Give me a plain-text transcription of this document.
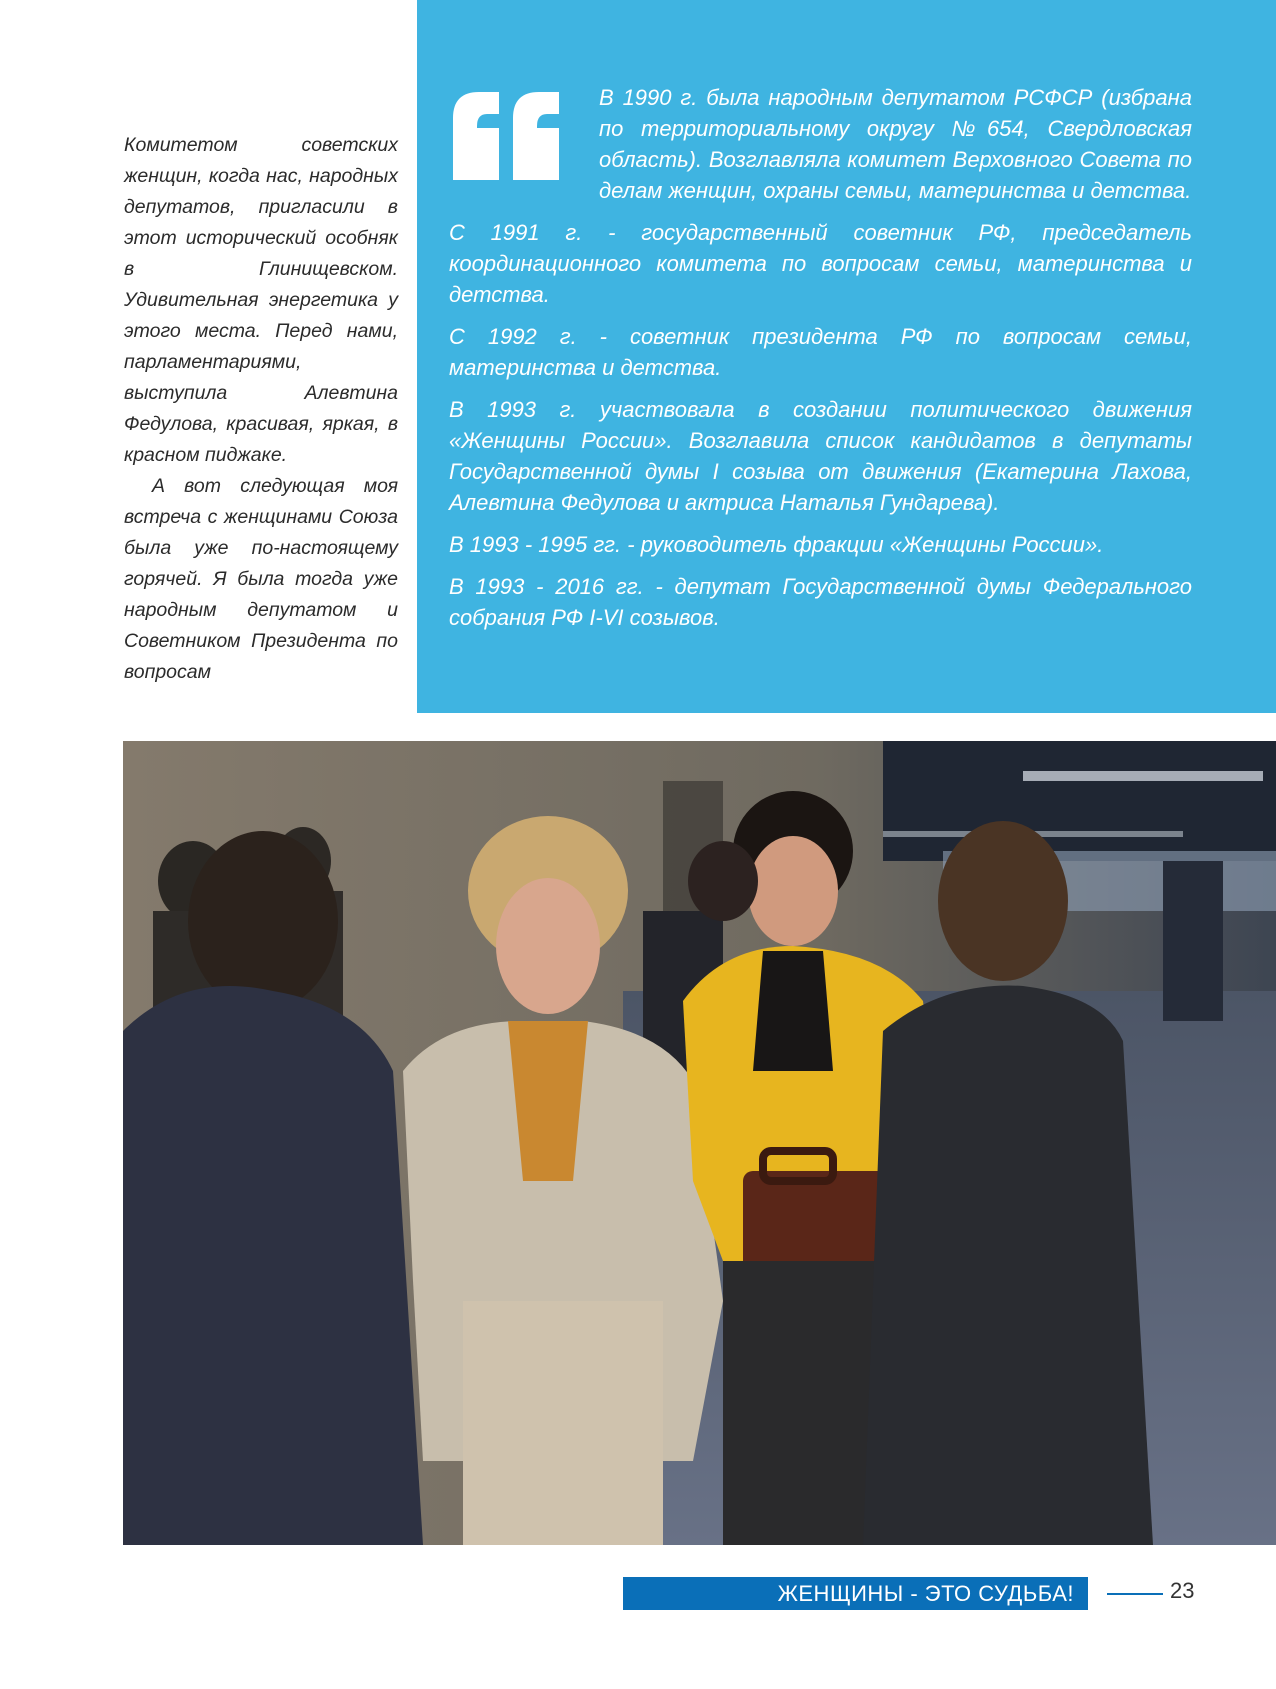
Комитетом советских женщин, когда нас, народных депутатов, пригласили в этот исторический особняк в Глинищевском. Удивительная энергетика у этого места. Перед нами, парламентариями, выступила Алевтина Федулова, красивая, яркая, в красном пиджаке.

А вот следующая моя встреча с женщинами Союза была уже по-настоящему горячей. Я была тогда уже народным депутатом и Советником Президента по вопросам

В 1990 г. была народным депутатом РСФСР (избрана по территориальному округу №654, Свердловская область). Возглавляла комитет Верховного Совета по делам женщин, охраны семьи, материнства и детства.

С 1991 г. - государственный советник РФ, председатель координационного комитета по вопросам семьи, материнства и детства.

С 1992 г. - советник президента РФ по вопросам семьи, материнства и детства.

В 1993 г. участвовала в создании политического движения «Женщины России». Возглавила список кандидатов в депутаты Государственной думы I созыва от движения (Екатерина Лахова, Алевтина Федулова и актриса Наталья Гундарева).

В 1993 - 1995 гг. - руководитель фракции «Женщины России».

В 1993 - 2016 гг. - депутат Государственной думы Федерального собрания РФ I-VI созывов.

ЖЕНЩИНЫ - ЭТО СУДЬБА!	23
